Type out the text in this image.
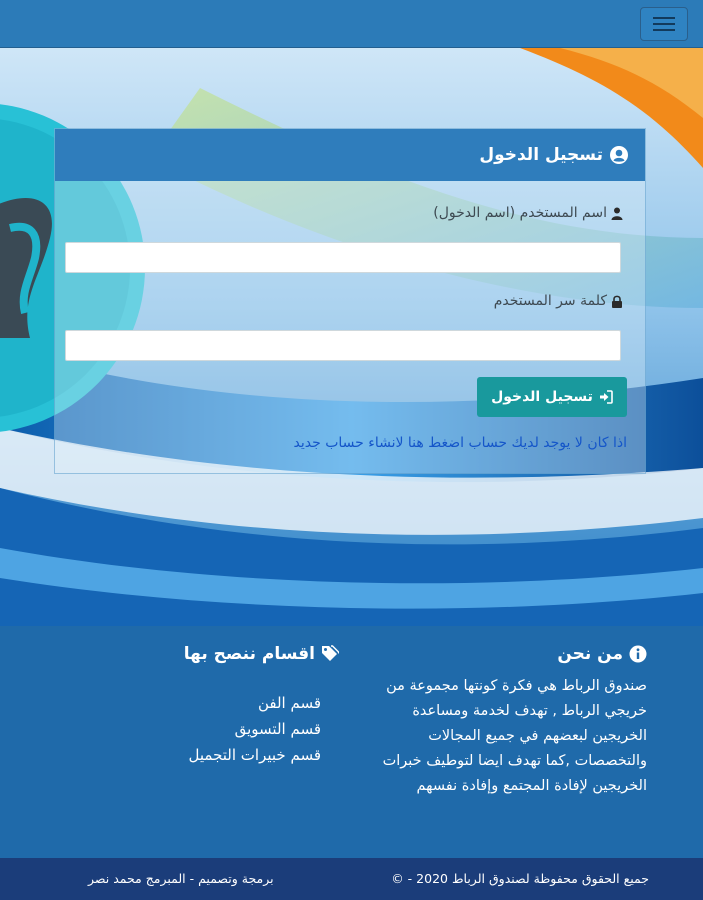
تسجيل الدخول
اسم المستخدم (اسم الدخول)
كلمة سر المستخدم
تسجيل الدخول
اذا كان لا يوجد لديك حساب اضغط هنا لانشاء حساب جديد
من نحن

صندوق الرباط هي فكرة كونتها مجموعة من خريجي الرباط , تهدف لخدمة ومساعدة الخريجين لبعضهم في جميع المجالات والتخصصات ,كما تهدف ايضا لتوطيف خبرات الخريجين لإفادة المجتمع وإفادة نفسهم

اقسام ننصح بها
قسم الفن
قسم التسويق
قسم خبيرات التجميل
جميع الحقوق محفوظة لصندوق الرباط 2020 - ©
برمجة وتصميم - المبرمج محمد نصر
